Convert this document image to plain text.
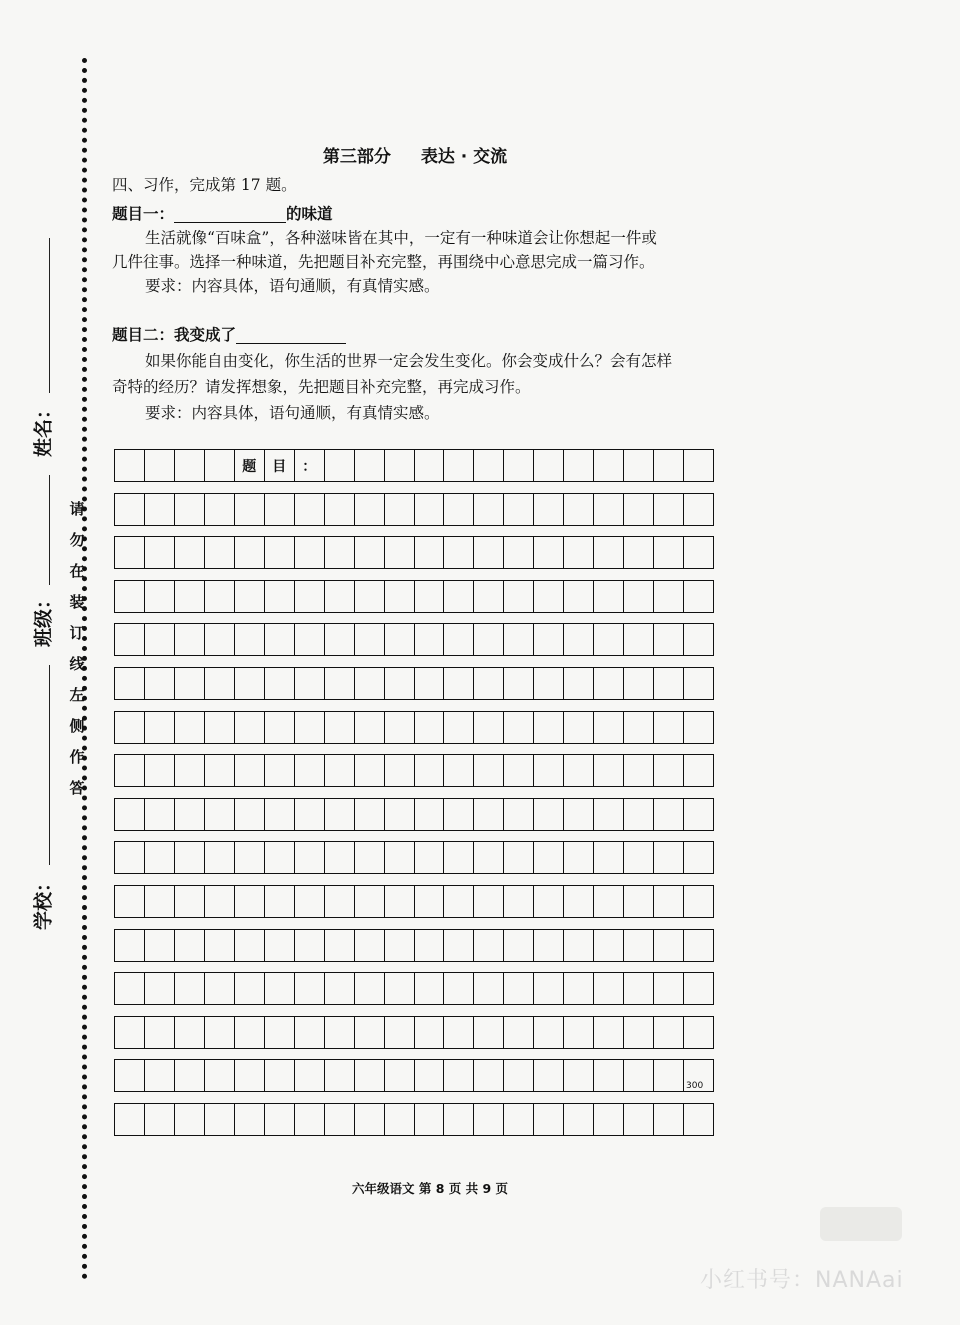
姓名：
班级：
学校：
请
勿
在
装
订
线
左
侧
作
答
第三部分 表达 · 交流
四、习作，完成第 17 题。
题目一：	的味道
生活就像“百味盒”，各种滋味皆在其中，一定有一种味道会让你想起一件或
几件往事。选择一种味道，先把题目补充完整，再围绕中心意思完成一篇习作。
要求：内容具体，语句通顺，有真情实感。
题目二：我变成了
如果你能自由变化，你生活的世界一定会发生变化。你会变成什么？会有怎样
奇特的经历？请发挥想象，先把题目补充完整，再完成习作。
要求：内容具体，语句通顺，有真情实感。
题	目	：
300
六年级语文 第 8 页 共 9 页
小红书号：NANAai
